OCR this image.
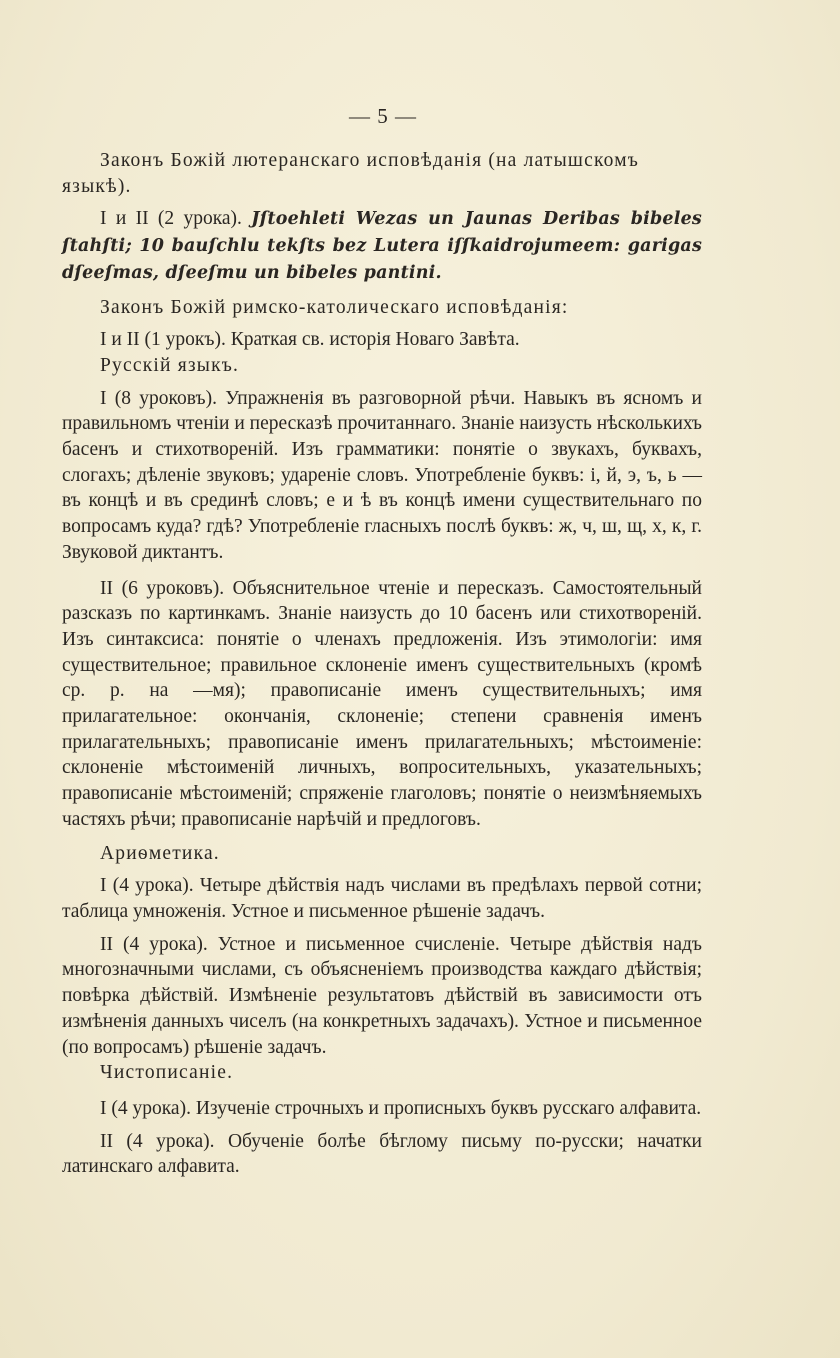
— 5 —

Законъ Божій лютеранскаго исповѣданія (на латышскомъ языкѣ).

I и II (2 урока). Jſtoehleti Wezas un Jaunas Deribas bibeles ſtahſti; 10 bauſchlu tekſts bez Lutera iſſkaidrojumeem: garigas dſeeſmas, dſeeſmu un bibeles pantini.

Законъ Божій римско-католическаго исповѣданія:

I и II (1 урокъ). Краткая св. исторія Новаго Завѣта.

Русскій языкъ.

I (8 уроковъ). Упражненія въ разговорной рѣчи. Навыкъ въ ясномъ и правильномъ чтеніи и пересказѣ прочитаннаго. Знаніе наизусть нѣсколькихъ басенъ и стихотвореній. Изъ грамматики: понятіе о звукахъ, буквахъ, слогахъ; дѣленіе звуковъ; удареніе словъ. Употребленіе буквъ: і, й, э, ъ, ь — въ концѣ и въ срединѣ словъ; е и ѣ въ концѣ имени существительнаго по вопросамъ куда? гдѣ? Употребленіе гласныхъ послѣ буквъ: ж, ч, ш, щ, х, к, г. Звуковой диктантъ.

II (6 уроковъ). Объяснительное чтеніе и пересказъ. Самостоятельный разсказъ по картинкамъ. Знаніе наизусть до 10 басенъ или стихотвореній. Изъ синтаксиса: понятіе о членахъ предложенія. Изъ этимологіи: имя существительное; правильное склоненіе именъ существительныхъ (кромѣ ср. р. на —мя); правописаніе именъ существительныхъ; имя прилагательное: окончанія, склоненіе; степени сравненія именъ прилагательныхъ; правописаніе именъ прилагательныхъ; мѣстоименіе: склоненіе мѣстоименій личныхъ, вопросительныхъ, указательныхъ; правописаніе мѣстоименій; спряженіе глаголовъ; понятіе о неизмѣняемыхъ частяхъ рѣчи; правописаніе нарѣчій и предлоговъ.

Ариѳметика.

I (4 урока). Четыре дѣйствія надъ числами въ предѣлахъ первой сотни; таблица умноженія. Устное и письменное рѣшеніе задачъ.

II (4 урока). Устное и письменное счисленіе. Четыре дѣйствія надъ многозначными числами, съ объясненіемъ производства каждаго дѣйствія; повѣрка дѣйствій. Измѣненіе результатовъ дѣйствій въ зависимости отъ измѣненія данныхъ чиселъ (на конкретныхъ задачахъ). Устное и письменное (по вопросамъ) рѣшеніе задачъ.

Чистописаніе.

I (4 урока). Изученіе строчныхъ и прописныхъ буквъ русскаго алфавита.

II (4 урока). Обученіе болѣе бѣглому письму по-русски; начатки латинскаго алфавита.
